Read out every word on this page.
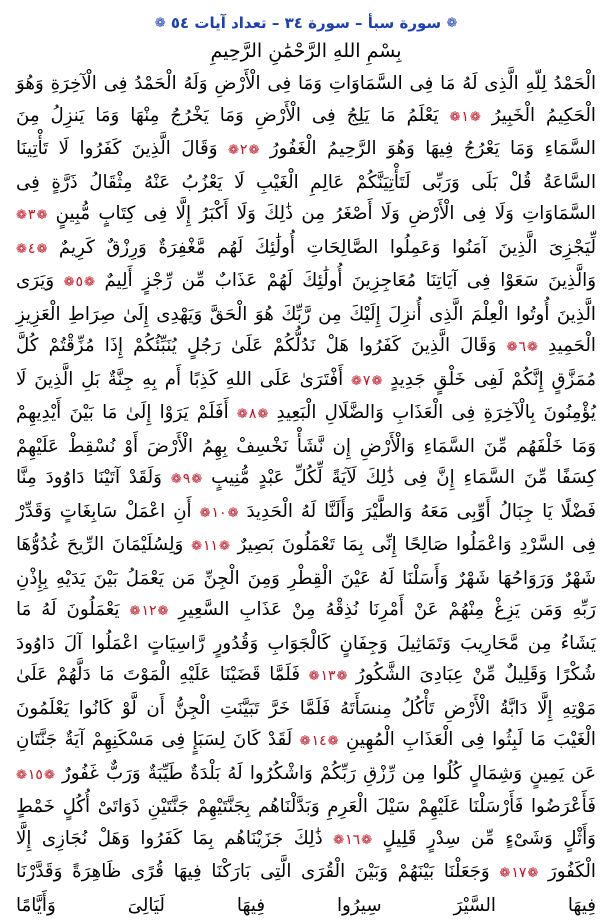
❁ سورة سبأ – سورة ٣٤ – تعداد آيات ٥٤ ❁
بِسْمِ اللهِ الرَّحْمَٰنِ الرَّحِيمِ
الْحَمْدُ لِلّهِ الَّذِى لَهُ مَا فِى السَّمَاوَاتِ وَمَا فِى الْأَرْضِ وَلَهُ الْحَمْدُ فِى الْآخِرَةِ وَهُوَ الْحَكِيمُ الْخَبِيرُ ❁١❁ يَعْلَمُ مَا يَلِجُ فِى الْأَرْضِ وَمَا يَخْرُجُ مِنْهَا وَمَا يَنزِلُ مِنَ السَّمَاءِ وَمَا يَعْرُجُ فِيهَا وَهُوَ الرَّحِيمُ الْغَفُورُ ❁٢❁ وَقَالَ الَّذِينَ كَفَرُوا لَا تَأْتِينَا السَّاعَةُ قُلْ بَلَى وَرَبِّى لَتَأْتِيَنَّكُمْ عَالِمِ الْغَيْبِ لَا يَعْزُبُ عَنْهُ مِثْقَالُ ذَرَّةٍ فِى السَّمَاوَاتِ وَلَا فِى الْأَرْضِ وَلَا أَصْغَرُ مِن ذَٰلِكَ وَلَا أَكْبَرُ إِلَّا فِى كِتَابٍ مُّبِينٍ ❁٣❁ لِّيَجْزِىَ الَّذِينَ آمَنُوا وَعَمِلُوا الصَّالِحَاتِ أُولَٰئِكَ لَهُم مَّغْفِرَةٌ وَرِزْقٌ كَرِيمٌ ❁٤❁ وَالَّذِينَ سَعَوْا فِى آيَاتِنَا مُعَاجِزِينَ أُولَٰئِكَ لَهُمْ عَذَابٌ مِّن رِّجْزٍ أَلِيمٌ ❁٥❁ وَيَرَى الَّذِينَ أُوتُوا الْعِلْمَ الَّذِى أُنزِلَ إِلَيْكَ مِن رَّبِّكَ هُوَ الْحَقَّ وَيَهْدِى إِلَىٰ صِرَاطِ الْعَزِيزِ الْحَمِيدِ ❁٦❁ وَقَالَ الَّذِينَ كَفَرُوا هَلْ نَدُلُّكُمْ عَلَىٰ رَجُلٍ يُنَبِّئُكُمْ إِذَا مُزِّقْتُمْ كُلَّ مُمَزَّقٍ إِنَّكُمْ لَفِى خَلْقٍ جَدِيدٍ ❁٧❁ أَفْتَرَىٰ عَلَى اللهِ كَذِبًا أَم بِهِ جِنَّةٌ بَلِ الَّذِينَ لَا يُؤْمِنُونَ بِالْآخِرَةِ فِى الْعَذَابِ وَالضَّلَالِ الْبَعِيدِ ❁٨❁ أَفَلَمْ يَرَوْا إِلَىٰ مَا بَيْنَ أَيْدِيهِمْ وَمَا خَلْفَهُم مِّنَ السَّمَاءِ وَالْأَرْضِ إِن نَّشَأْ نَخْسِفْ بِهِمُ الْأَرْضَ أَوْ نُسْقِطْ عَلَيْهِمْ كِسَفًا مِّنَ السَّمَاءِ إِنَّ فِى ذَٰلِكَ لَآيَةً لِّكُلِّ عَبْدٍ مُّنِيبٍ ❁٩❁ وَلَقَدْ آتَيْنَا دَاوُودَ مِنَّا فَضْلًا يَا جِبَالُ أَوِّبِى مَعَهُ وَالطَّيْرَ وَأَلَنَّا لَهُ الْحَدِيدَ ❁١٠❁ أَنِ اعْمَلْ سَابِغَاتٍ وَقَدِّرْ فِى السَّرْدِ وَاعْمَلُوا صَالِحًا إِنِّى بِمَا تَعْمَلُونَ بَصِيرٌ ❁١١❁ وَلِسُلَيْمَانَ الرِّيحَ غُدُوُّهَا شَهْرٌ وَرَوَاحُهَا شَهْرٌ وَأَسَلْنَا لَهُ عَيْنَ الْقِطْرِ وَمِنَ الْجِنِّ مَن يَعْمَلُ بَيْنَ يَدَيْهِ بِإِذْنِ رَبِّهِ وَمَن يَزِغْ مِنْهُمْ عَنْ أَمْرِنَا نُذِقْهُ مِنْ عَذَابِ السَّعِيرِ ❁١٢❁ يَعْمَلُونَ لَهُ مَا يَشَاءُ مِن مَّحَارِيبَ وَتَمَاثِيلَ وَجِفَانٍ كَالْجَوَابِ وَقُدُورٍ رَّاسِيَاتٍ اعْمَلُوا آلَ دَاوُودَ شُكْرًا وَقَلِيلٌ مِّنْ عِبَادِىَ الشَّكُورُ ❁١٣❁ فَلَمَّا قَضَيْنَا عَلَيْهِ الْمَوْتَ مَا دَلَّهُمْ عَلَىٰ مَوْتِهِ إِلَّا دَابَّةُ الْأَرْضِ تَأْكُلُ مِنسَأَتَهُ فَلَمَّا خَرَّ تَبَيَّنَتِ الْجِنُّ أَن لَّوْ كَانُوا يَعْلَمُونَ الْغَيْبَ مَا لَبِثُوا فِى الْعَذَابِ الْمُهِينِ ❁١٤❁ لَقَدْ كَانَ لِسَبَإٍ فِى مَسْكَنِهِمْ آيَةٌ جَنَّتَانِ عَن يَمِينٍ وَشِمَالٍ كُلُوا مِن رِّزْقِ رَبِّكُمْ وَاشْكُرُوا لَهُ بَلْدَةٌ طَيِّبَةٌ وَرَبٌّ غَفُورٌ ❁١٥❁ فَأَعْرَضُوا فَأَرْسَلْنَا عَلَيْهِمْ سَيْلَ الْعَرِمِ وَبَدَّلْنَاهُم بِجَنَّتَيْهِمْ جَنَّتَيْنِ ذَوَاتَىْ أُكُلٍ خَمْطٍ وَأَثْلٍ وَشَىْءٍ مِّن سِدْرٍ قَلِيلٍ ❁١٦❁ ذَٰلِكَ جَزَيْنَاهُم بِمَا كَفَرُوا وَهَلْ نُجَازِى إِلَّا الْكَفُورَ ❁١٧❁ وَجَعَلْنَا بَيْنَهُمْ وَبَيْنَ الْقُرَى الَّتِى بَارَكْنَا فِيهَا قُرًى ظَاهِرَةً وَقَدَّرْنَا فِيهَا السَّيْرَ سِيرُوا فِيهَا لَيَالِىَ وَأَيَّامًا
